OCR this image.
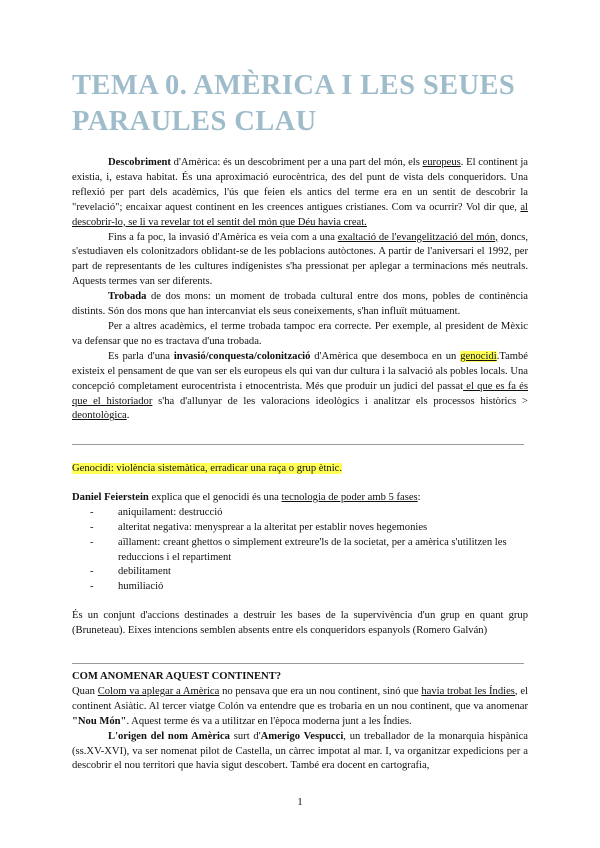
TEMA 0. AMÈRICA I LES SEUES PARAULES CLAU

Descobriment d'Amèrica: és un descobriment per a una part del món, els europeus. El continent ja existia, i, estava habitat. És una aproximació eurocèntrica, des del punt de vista dels conqueridors. Una reflexió per part dels acadèmics, l'ús que feien els antics del terme era en un sentit de descobrir la "revelació"; encaixar aquest continent en les creences antigues cristianes. Com va ocurrir? Vol dir que, al descobrir-lo, se li va revelar tot el sentit del món que Déu havia creat.

Fins a fa poc, la invasió d'Amèrica es veia com a una exaltació de l'evangelització del món, doncs, s'estudiaven els colonitzadors oblidant-se de les poblacions autòctones. A partir de l'aniversari el 1992, per part de representants de les cultures indígenistes s'ha pressionat per aplegar a terminacions més neutrals. Aquests termes van ser diferents.

Trobada de dos mons: un moment de trobada cultural entre dos mons, pobles de continència distints. Són dos mons que han intercanviat els seus coneixements, s'han influït mútuament.

Per a altres acadèmics, el terme trobada tampoc era correcte. Per exemple, al president de Mèxic va defensar que no es tractava d'una trobada.

Es parla d'una invasió/conquesta/colonització d'Amèrica que desemboca en un genocidi.També existeix el pensament de que van ser els europeus els qui van dur cultura i la salvació als pobles locals. Una concepció completament eurocentrista i etnocentrista. Més que produir un judici del passat el que es fa és que el historiador s'ha d'allunyar de les valoracions ideològics i analitzar els processos històrics > deontològica.

Genocidi: violència sistemàtica, erradicar una raça o grup ètnic.

Daniel Feierstein explica que el genocidi és una tecnologia de poder amb 5 fases:

- aniquilament: destrucció
- alteritat negativa: menysprear a la alteritat per establir noves hegemonies
- aïllament: creant ghettos o simplement extreure'ls de la societat, per a amèrica s'utilitzen les reduccions i el repartiment
- debilitament
- humiliació

És un conjunt d'accions destinades a destruir les bases de la supervivència d'un grup en quant grup (Bruneteau). Eixes intencions semblen absents entre els conqueridors espanyols (Romero Galván)

COM ANOMENAR AQUEST CONTINENT?

Quan Colom va aplegar a Amèrica no pensava que era un nou continent, sinó que havia trobat les Índies, el continent Asiàtic. Al tercer viatge Colón va entendre que es trobaria en un nou continent, que va anomenar "Nou Món". Aquest terme és va a utilitzar en l'època moderna junt a les Índies.

L'origen del nom Amèrica surt d'Amerigo Vespucci, un treballador de la monarquia hispànica (ss.XV-XVI), va ser nomenat pilot de Castella, un càrrec impotat al mar. I, va organitzar expedicions per a descobrir el nou territori que havia sigut descobert. També era docent en cartografia,

1
